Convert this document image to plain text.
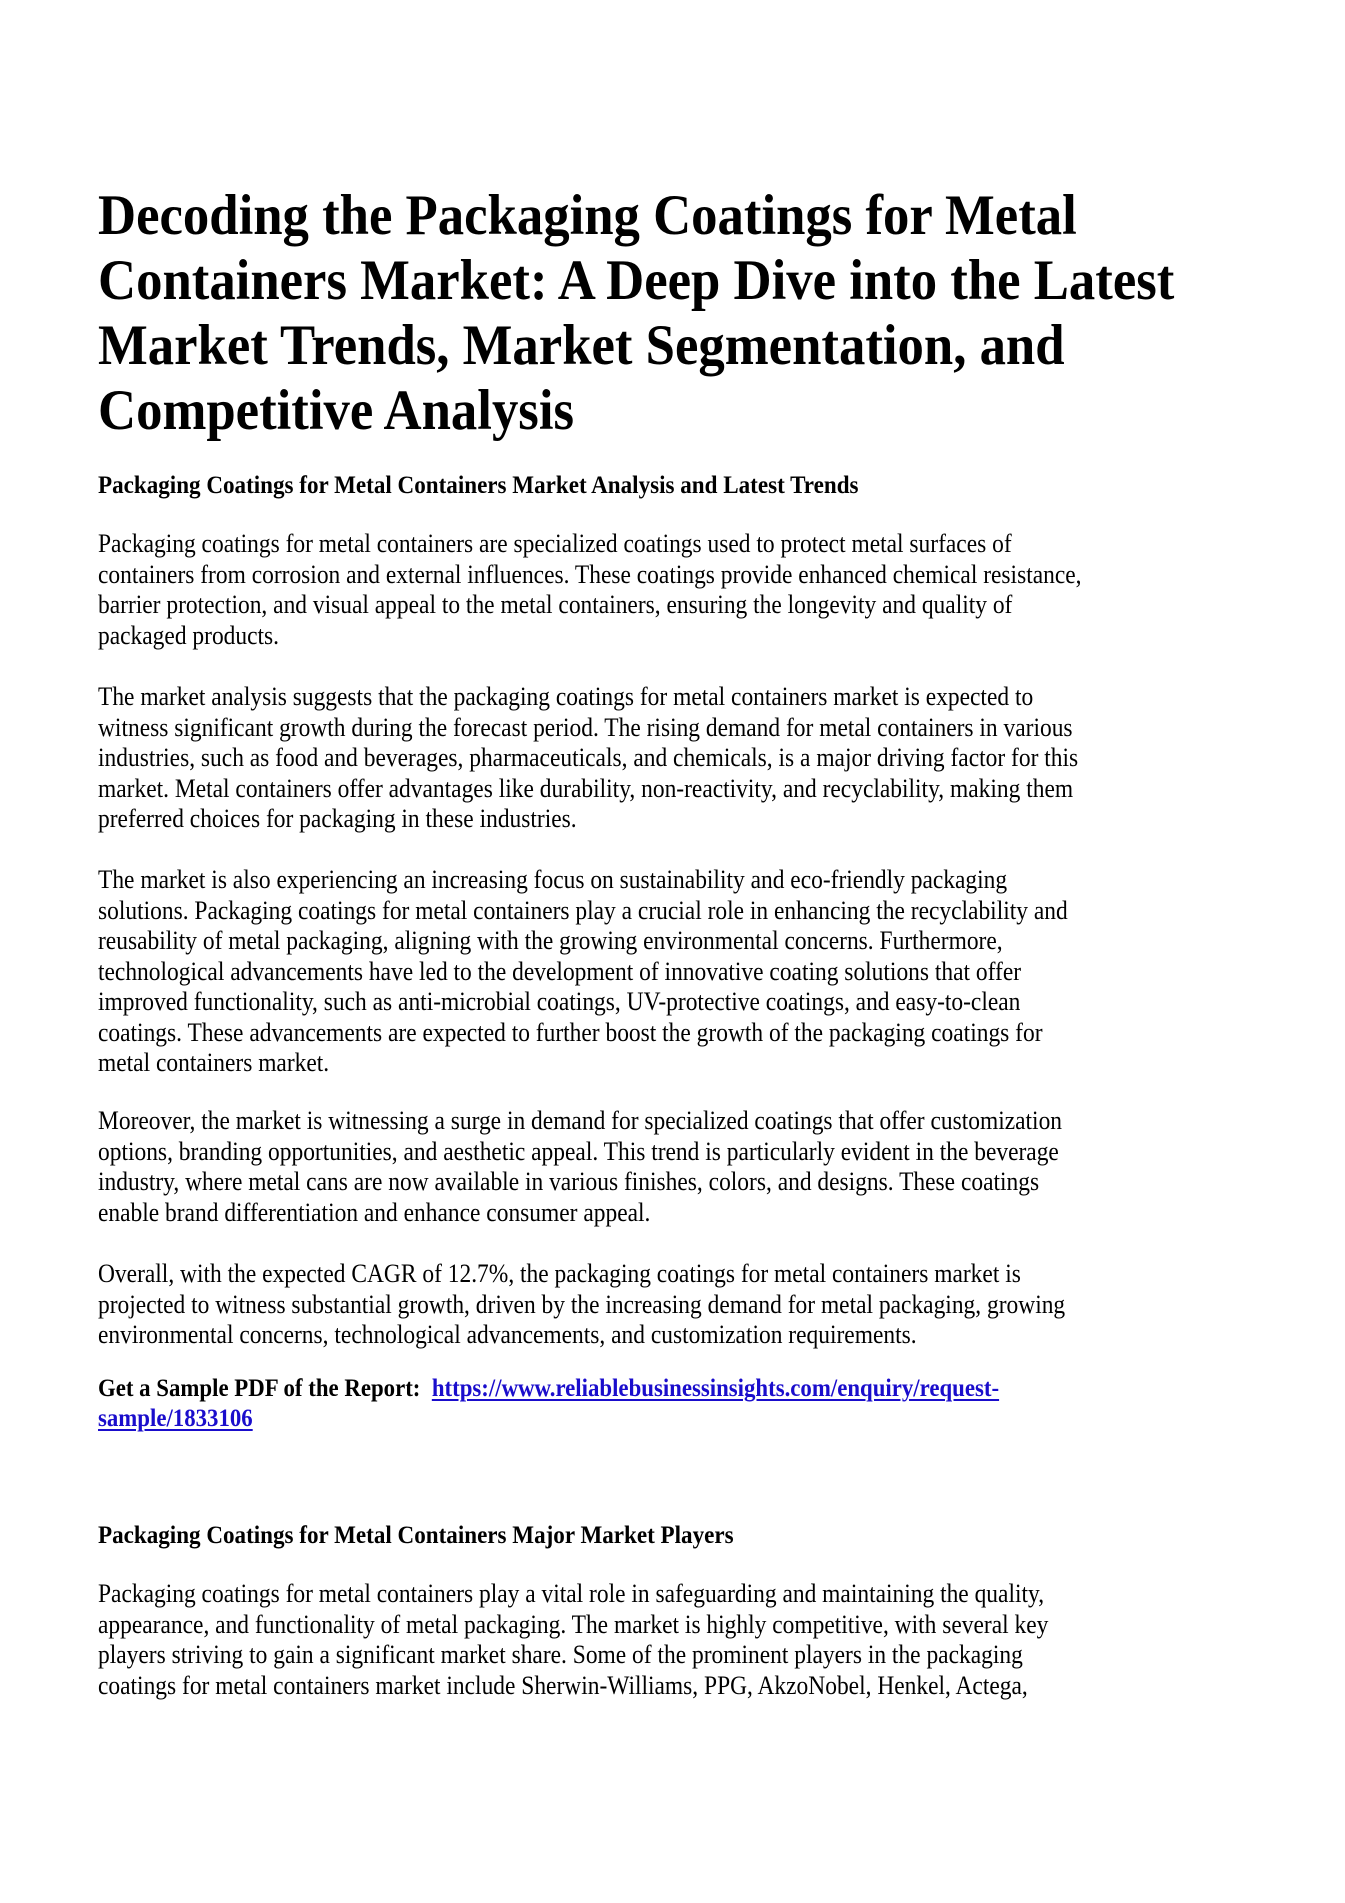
Decoding the Packaging Coatings for Metal
Containers Market: A Deep Dive into the Latest
Market Trends, Market Segmentation, and
Competitive Analysis
Packaging Coatings for Metal Containers Market Analysis and Latest Trends

Packaging coatings for metal containers are specialized coatings used to protect metal surfaces of
containers from corrosion and external influences. These coatings provide enhanced chemical resistance,
barrier protection, and visual appeal to the metal containers, ensuring the longevity and quality of
packaged products.

The market analysis suggests that the packaging coatings for metal containers market is expected to
witness significant growth during the forecast period. The rising demand for metal containers in various
industries, such as food and beverages, pharmaceuticals, and chemicals, is a major driving factor for this
market. Metal containers offer advantages like durability, non-reactivity, and recyclability, making them
preferred choices for packaging in these industries.

The market is also experiencing an increasing focus on sustainability and eco-friendly packaging
solutions. Packaging coatings for metal containers play a crucial role in enhancing the recyclability and
reusability of metal packaging, aligning with the growing environmental concerns. Furthermore,
technological advancements have led to the development of innovative coating solutions that offer
improved functionality, such as anti-microbial coatings, UV-protective coatings, and easy-to-clean
coatings. These advancements are expected to further boost the growth of the packaging coatings for
metal containers market.

Moreover, the market is witnessing a surge in demand for specialized coatings that offer customization
options, branding opportunities, and aesthetic appeal. This trend is particularly evident in the beverage
industry, where metal cans are now available in various finishes, colors, and designs. These coatings
enable brand differentiation and enhance consumer appeal.

Overall, with the expected CAGR of 12.7%, the packaging coatings for metal containers market is
projected to witness substantial growth, driven by the increasing demand for metal packaging, growing
environmental concerns, technological advancements, and customization requirements.

Get a Sample PDF of the Report: https://www.reliablebusinessinsights.com/enquiry/request-
sample/1833106

Packaging Coatings for Metal Containers Major Market Players

Packaging coatings for metal containers play a vital role in safeguarding and maintaining the quality,
appearance, and functionality of metal packaging. The market is highly competitive, with several key
players striving to gain a significant market share. Some of the prominent players in the packaging
coatings for metal containers market include Sherwin-Williams, PPG, AkzoNobel, Henkel, Actega,
